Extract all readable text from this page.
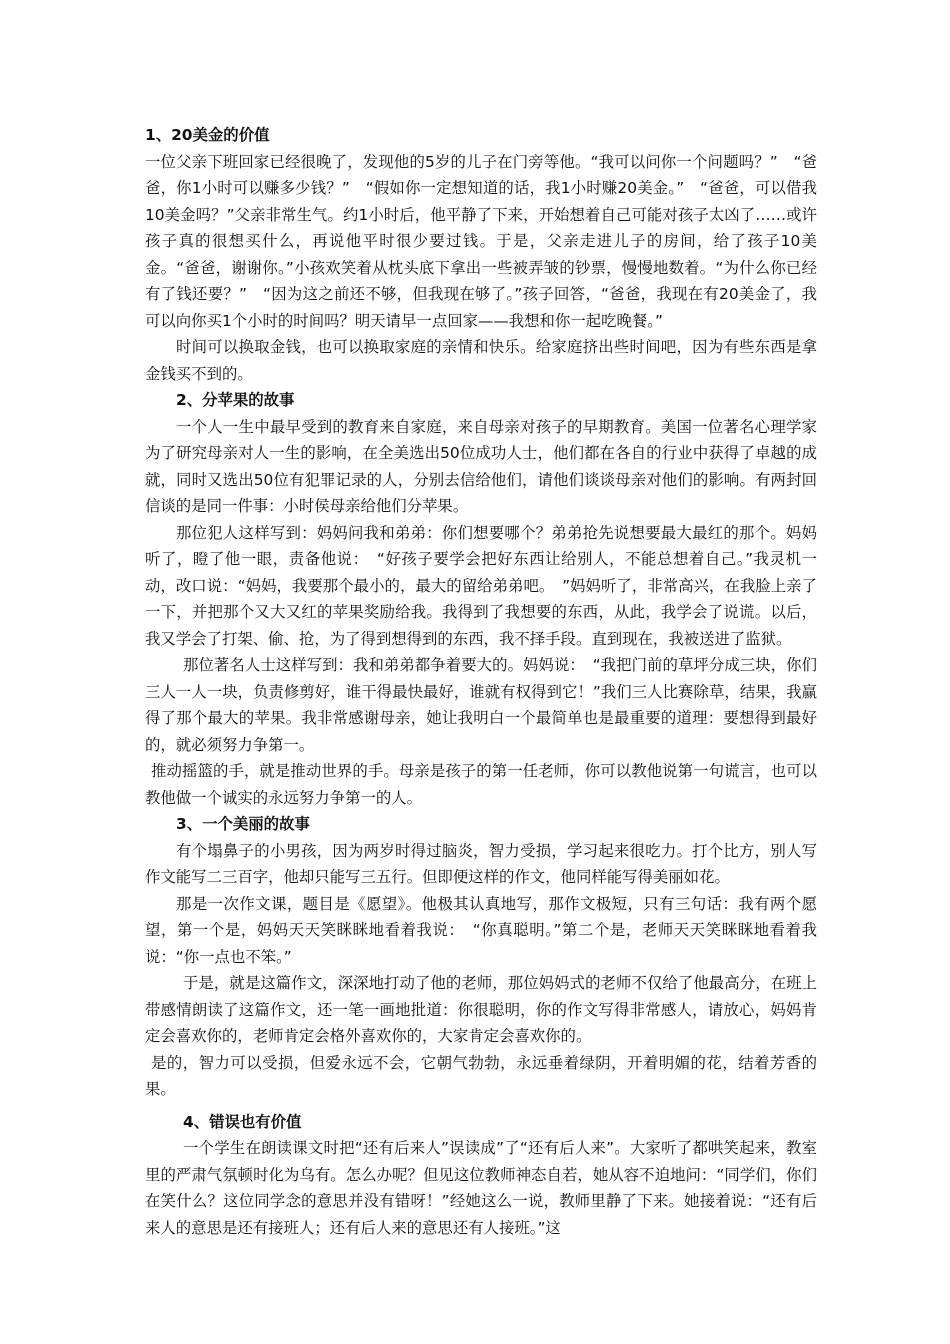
1、20美金的价值

一位父亲下班回家已经很晚了，发现他的5岁的儿子在门旁等他。“我可以问你一个问题吗？”　“爸爸，你1小时可以赚多少钱？”　“假如你一定想知道的话，我1小时赚20美金。”　“爸爸，可以借我10美金吗？”父亲非常生气。约1小时后，他平静了下来，开始想着自己可能对孩子太凶了……或许孩子真的很想买什么，再说他平时很少要过钱。于是，父亲走进儿子的房间，给了孩子10美金。“爸爸，谢谢你。”小孩欢笑着从枕头底下拿出一些被弄皱的钞票，慢慢地数着。“为什么你已经有了钱还要？”　“因为这之前还不够，但我现在够了。”孩子回答，“爸爸，我现在有20美金了，我可以向你买1个小时的时间吗？明天请早一点回家——我想和你一起吃晚餐。”

时间可以换取金钱，也可以换取家庭的亲情和快乐。给家庭挤出些时间吧，因为有些东西是拿金钱买不到的。

2、分苹果的故事

一个人一生中最早受到的教育来自家庭，来自母亲对孩子的早期教育。美国一位著名心理学家为了研究母亲对人一生的影响，在全美选出50位成功人士，他们都在各自的行业中获得了卓越的成就，同时又选出50位有犯罪记录的人，分别去信给他们，请他们谈谈母亲对他们的影响。有两封回信谈的是同一件事：小时侯母亲给他们分苹果。

那位犯人这样写到：妈妈问我和弟弟：你们想要哪个？弟弟抢先说想要最大最红的那个。妈妈听了，瞪了他一眼，责备他说：　“好孩子要学会把好东西让给别人，不能总想着自己。”我灵机一动，改口说：“妈妈，我要那个最小的，最大的留给弟弟吧。　”妈妈听了，非常高兴，在我脸上亲了一下，并把那个又大又红的苹果奖励给我。我得到了我想要的东西，从此，我学会了说谎。以后，我又学会了打架、偷、抢，为了得到想得到的东西，我不择手段。直到现在，我被送进了监狱。

那位著名人士这样写到：我和弟弟都争着要大的。妈妈说：　“我把门前的草坪分成三块，你们三人一人一块，负责修剪好，谁干得最快最好，谁就有权得到它！”我们三人比赛除草，结果，我赢得了那个最大的苹果。我非常感谢母亲，她让我明白一个最简单也是最重要的道理：要想得到最好的，就必须努力争第一。

推动摇篮的手，就是推动世界的手。母亲是孩子的第一任老师，你可以教他说第一句谎言，也可以教他做一个诚实的永远努力争第一的人。

3、一个美丽的故事

有个塌鼻子的小男孩，因为两岁时得过脑炎，智力受损，学习起来很吃力。打个比方，别人写作文能写二三百字，他却只能写三五行。但即便这样的作文，他同样能写得美丽如花。

那是一次作文课，题目是《愿望》。他极其认真地写，那作文极短，只有三句话：我有两个愿望，第一个是，妈妈天天笑眯眯地看着我说：　“你真聪明。”第二个是，老师天天笑眯眯地看着我说：“你一点也不笨。”

于是，就是这篇作文，深深地打动了他的老师，那位妈妈式的老师不仅给了他最高分，在班上带感情朗读了这篇作文，还一笔一画地批道：你很聪明，你的作文写得非常感人，请放心，妈妈肯定会喜欢你的，老师肯定会格外喜欢你的，大家肯定会喜欢你的。

是的，智力可以受损，但爱永远不会，它朝气勃勃，永远垂着绿阴，开着明媚的花，结着芳香的果。

4、错误也有价值

一个学生在朗读课文时把“还有后来人”误读成”了“还有后人来”。大家听了都哄笑起来，教室里的严肃气氛顿时化为乌有。怎么办呢？但见这位教师神态自若，她从容不迫地问：“同学们，你们在笑什么？这位同学念的意思并没有错呀！”经她这么一说，教师里静了下来。她接着说：“还有后来人的意思是还有接班人；还有后人来的意思还有人接班。”这
